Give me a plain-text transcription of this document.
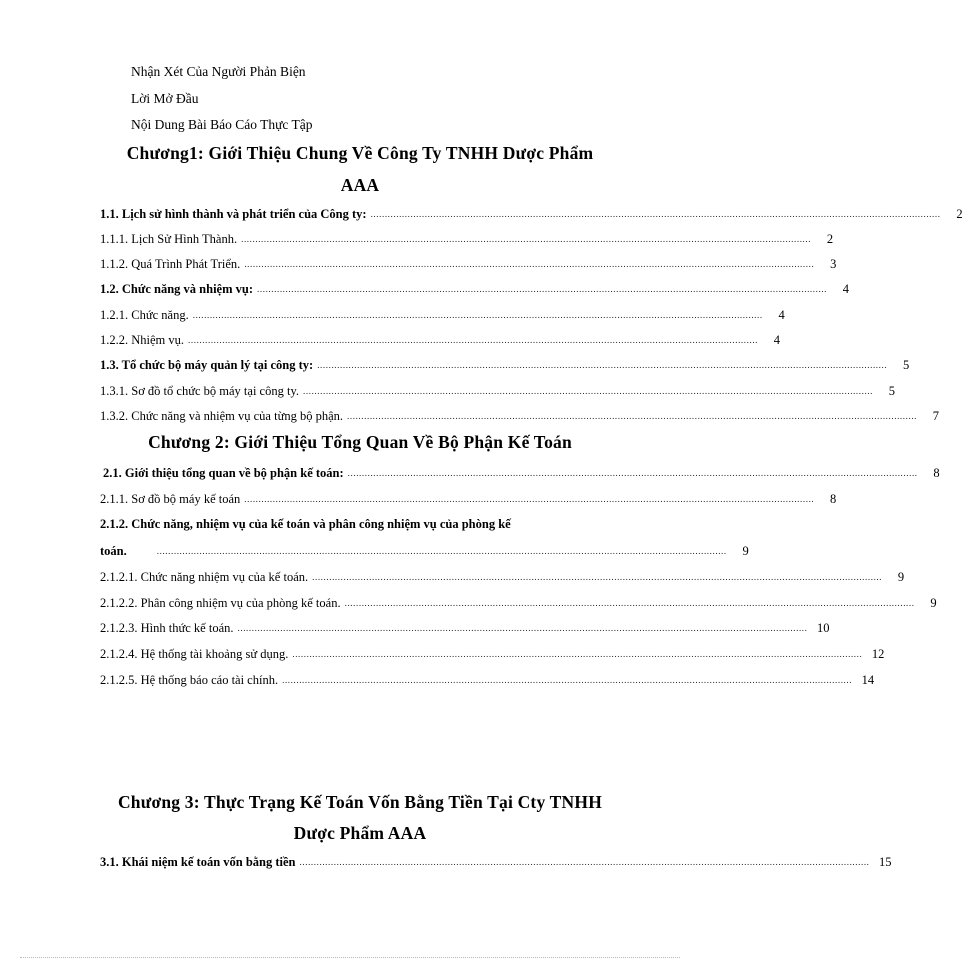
Nhận Xét Của Người Phản Biện
Lời Mở Đầu
Nội Dung Bài Báo Cáo Thực Tập
Chương1: Giới Thiệu Chung Về Công Ty TNHH Dược Phẩm
AAA
1.1. Lịch sử hình thành và phát triển của Công ty: ........................................................................................................................................................................................................	2
1.1.1. Lịch Sử Hình Thành. ........................................................................................................................................................................................................	2
1.1.2. Quá Trình Phát Triển. ........................................................................................................................................................................................................	3
1.2. Chức năng và nhiệm vụ: ........................................................................................................................................................................................................	4
1.2.1. Chức năng. ........................................................................................................................................................................................................	4
1.2.2. Nhiệm vụ. ........................................................................................................................................................................................................	4
1.3. Tổ chức bộ máy quản lý tại công ty: ........................................................................................................................................................................................................	5
1.3.1. Sơ đồ tổ chức bộ máy tại công ty. ........................................................................................................................................................................................................	5
1.3.2. Chức năng và nhiệm vụ của từng bộ phận. ........................................................................................................................................................................................................	7
Chương 2: Giới Thiệu Tổng Quan Về Bộ Phận Kế Toán
2.1. Giới thiệu tổng quan về bộ phận kế toán: ........................................................................................................................................................................................................	8
2.1.1. Sơ đồ bộ máy kế toán ........................................................................................................................................................................................................	8
2.1.2. Chức năng, nhiệm vụ của kế toán và phân công nhiệm vụ của phòng kế
toán.	........................................................................................................................................................................................................	9
2.1.2.1. Chức năng nhiệm vụ của kế toán. ........................................................................................................................................................................................................	9
2.1.2.2. Phân công nhiệm vụ của phòng kế toán. ........................................................................................................................................................................................................	9
2.1.2.3. Hình thức kế toán. ........................................................................................................................................................................................................ 10
2.1.2.4. Hệ thống tài khoảng sử dụng. ........................................................................................................................................................................................................ 12
2.1.2.5. Hệ thống báo cáo tài chính. ........................................................................................................................................................................................................ 14
Chương 3: Thực Trạng Kế Toán Vốn Bằng Tiền Tại Cty TNHH
Dược Phẩm AAA
3.1. Khái niệm kế toán vốn bằng tiền ........................................................................................................................................................................................................ 15
